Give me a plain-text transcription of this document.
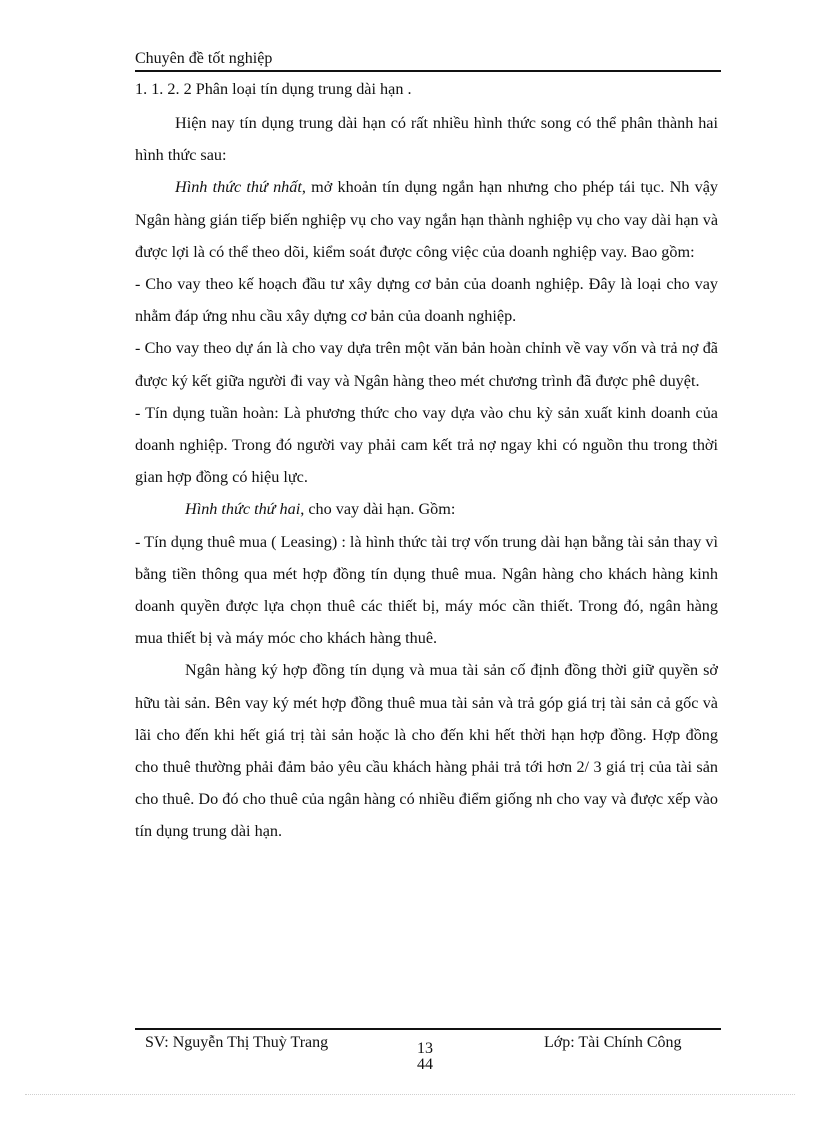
Chuyên đề tốt nghiệp

1. 1. 2. 2 Phân loại tín dụng trung dài hạn .

Hiện nay tín dụng trung dài hạn có rất nhiều hình thức song có thể phân thành hai hình thức sau:

Hình thức thứ nhất, mở khoản tín dụng ngắn hạn nhưng cho phép tái tục. Nh vậy Ngân hàng gián tiếp biến nghiệp vụ cho vay ngắn hạn thành nghiệp vụ cho vay dài hạn và được lợi là có thể theo dõi, kiểm soát được công việc của doanh nghiệp vay. Bao gồm:

- Cho vay theo kế hoạch đầu tư xây dựng cơ bản của doanh nghiệp. Đây là loại cho vay nhằm đáp ứng nhu cầu xây dựng cơ bản của doanh nghiệp.

- Cho vay theo dự án là cho vay dựa trên một văn bản hoàn chỉnh về vay vốn và trả nợ đã được ký kết giữa người đi vay và Ngân hàng theo mét chương trình đã được phê duyệt.

- Tín dụng tuần hoàn: Là phương thức cho vay dựa vào chu kỳ sản xuất kinh doanh của doanh nghiệp. Trong đó người vay phải cam kết trả nợ ngay khi có nguồn thu trong thời gian hợp đồng có hiệu lực.

Hình thức thứ hai, cho vay dài hạn. Gồm:

- Tín dụng thuê mua ( Leasing) : là hình thức tài trợ vốn trung dài hạn bằng tài sản thay vì bằng tiền thông qua mét hợp đồng tín dụng thuê mua. Ngân hàng cho khách hàng kinh doanh quyền được lựa chọn thuê các thiết bị, máy móc cần thiết. Trong đó, ngân hàng mua thiết bị và máy móc cho khách hàng thuê.

Ngân hàng ký hợp đồng tín dụng và mua tài sản cố định đồng thời giữ quyền sở hữu tài sản. Bên vay ký mét hợp đồng thuê mua tài sản và trả góp giá trị tài sản cả gốc và lãi cho đến khi hết giá trị tài sản hoặc là cho đến khi hết thời hạn hợp đồng. Hợp đồng cho thuê thường phải đảm bảo yêu cầu khách hàng phải trả tới hơn 2/ 3 giá trị của tài sản cho thuê. Do đó cho thuê của ngân hàng có nhiều điểm giống nh cho vay và được xếp vào tín dụng trung dài hạn.

SV: Nguyễn Thị Thuỳ Trang	13
44
Lớp: Tài Chính Công
